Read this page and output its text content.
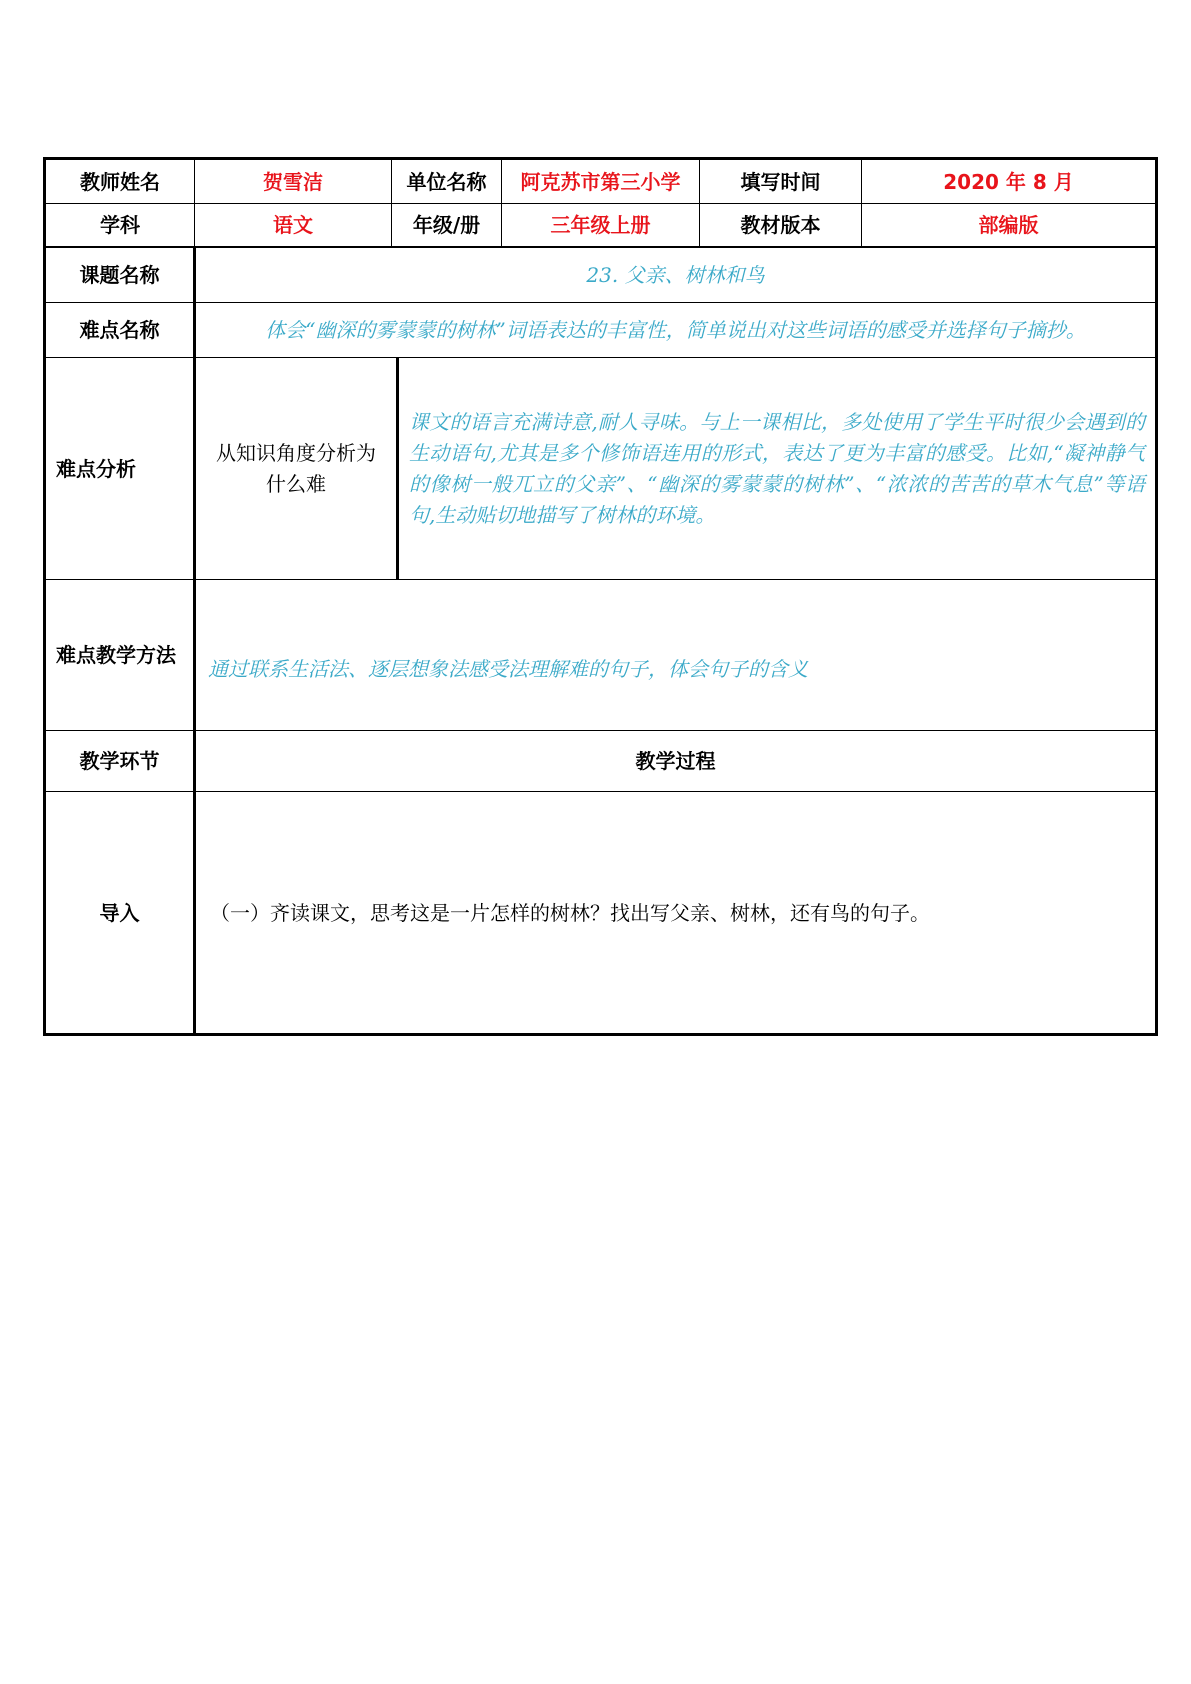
教师姓名	贺雪洁	单位名称	阿克苏市第三小学	填写时间	2020 年 8 月
学科	语文	年级/册	三年级上册	教材版本	部编版
课题名称	23. 父亲、树林和鸟	
难点名称	体会“幽深的雾蒙蒙的树林”词语表达的丰富性，简单说出对这些词语的感受并选择句子摘抄。	
难点分析	从知识角度分析为什么难	课文的语言充满诗意,耐人寻味。与上一课相比，多处使用了学生平时很少会遇到的生动语句,尤其是多个修饰语连用的形式，表达了更为丰富的感受。比如,“凝神静气的像树一般兀立的父亲”、“幽深的雾蒙蒙的树林”、“浓浓的苦苦的草木气息”等语句,生动贴切地描写了树林的环境。
难点教学方法	通过联系生活法、逐层想象法感受法理解难的句子，体会句子的含义	
教学环节	教学过程	
导入	（一）齐读课文，思考这是一片怎样的树林？找出写父亲、树林，还有鸟的句子。	
